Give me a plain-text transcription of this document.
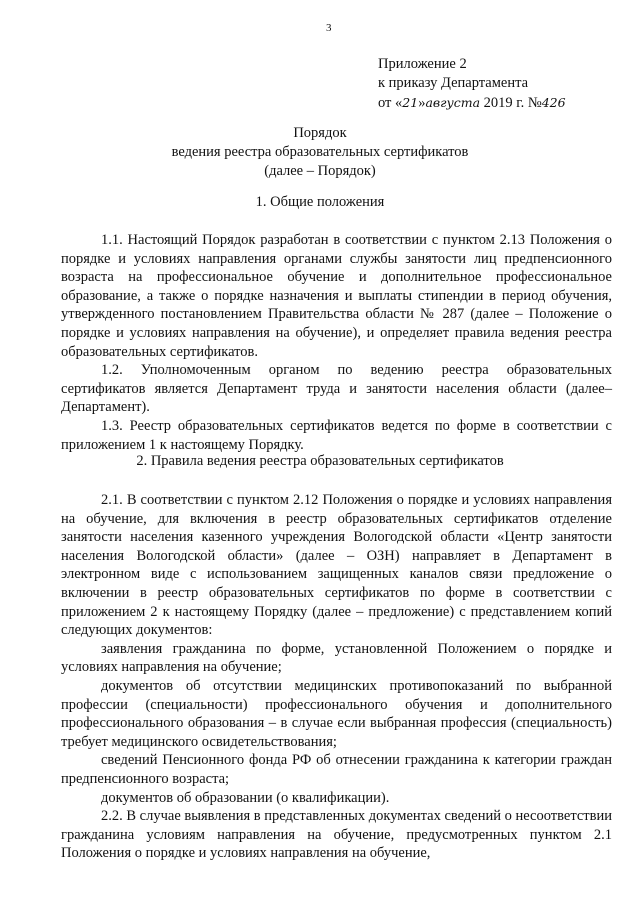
3
Приложение 2
к приказу Департамента
от «21»августа 2019 г. №426
Порядок
ведения реестра образовательных сертификатов
(далее – Порядок)
1. Общие положения

1.1. Настоящий Порядок разработан в соответствии с пунктом 2.13 Положения о порядке и условиях направления органами службы занятости лиц предпенсионного возраста на профессиональное обучение и дополнительное профессиональное образование, а также о порядке назначения и выплаты стипендии в период обучения, утвержденного постановлением Правительства области № 287 (далее – Положение о порядке и условиях направления на обучение), и определяет правила ведения реестра образовательных сертификатов.

1.2. Уполномоченным органом по ведению реестра образовательных сертификатов является Департамент труда и занятости населения области (далее– Департамент).

1.3. Реестр образовательных сертификатов ведется по форме в соответствии с приложением 1 к настоящему Порядку.

2. Правила ведения реестра образовательных сертификатов

2.1. В соответствии с пунктом 2.12 Положения о порядке и условиях направления на обучение, для включения в реестр образовательных сертификатов отделение занятости населения казенного учреждения Вологодской области «Центр занятости населения Вологодской области» (далее – ОЗН) направляет в Департамент в электронном виде с использованием защищенных каналов связи предложение о включении в реестр образовательных сертификатов по форме в соответствии с приложением 2 к настоящему Порядку (далее – предложение) с представлением копий следующих документов:

заявления гражданина по форме, установленной Положением о порядке и условиях направления на обучение;

документов об отсутствии медицинских противопоказаний по выбранной профессии (специальности) профессионального обучения и дополнительного профессионального образования – в случае если выбранная профессия (специальность) требует медицинского освидетельствования;

сведений Пенсионного фонда РФ об отнесении гражданина к категории граждан предпенсионного возраста;

документов об образовании (о квалификации).

2.2. В случае выявления в представленных документах сведений о несоответствии гражданина условиям направления на обучение, предусмотренных пунктом 2.1 Положения о порядке и условиях направления на обучение,
